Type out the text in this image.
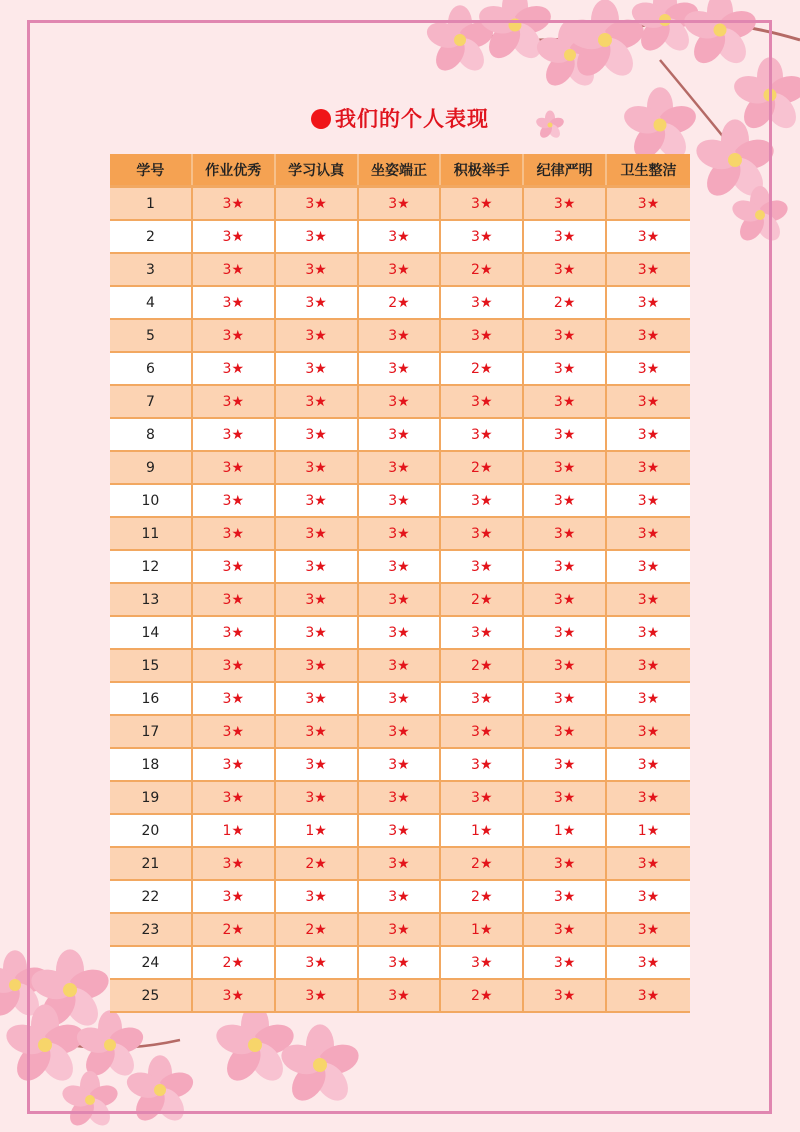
我们的个人表现
学号	作业优秀	学习认真	坐姿端正	积极举手	纪律严明	卫生整洁
1	3★	3★	3★	3★	3★	3★
2	3★	3★	3★	3★	3★	3★
3	3★	3★	3★	2★	3★	3★
4	3★	3★	2★	3★	2★	3★
5	3★	3★	3★	3★	3★	3★
6	3★	3★	3★	2★	3★	3★
7	3★	3★	3★	3★	3★	3★
8	3★	3★	3★	3★	3★	3★
9	3★	3★	3★	2★	3★	3★
10	3★	3★	3★	3★	3★	3★
11	3★	3★	3★	3★	3★	3★
12	3★	3★	3★	3★	3★	3★
13	3★	3★	3★	2★	3★	3★
14	3★	3★	3★	3★	3★	3★
15	3★	3★	3★	2★	3★	3★
16	3★	3★	3★	3★	3★	3★
17	3★	3★	3★	3★	3★	3★
18	3★	3★	3★	3★	3★	3★
19	3★	3★	3★	3★	3★	3★
20	1★	1★	3★	1★	1★	1★
21	3★	2★	3★	2★	3★	3★
22	3★	3★	3★	2★	3★	3★
23	2★	2★	3★	1★	3★	3★
24	2★	3★	3★	3★	3★	3★
25	3★	3★	3★	2★	3★	3★
